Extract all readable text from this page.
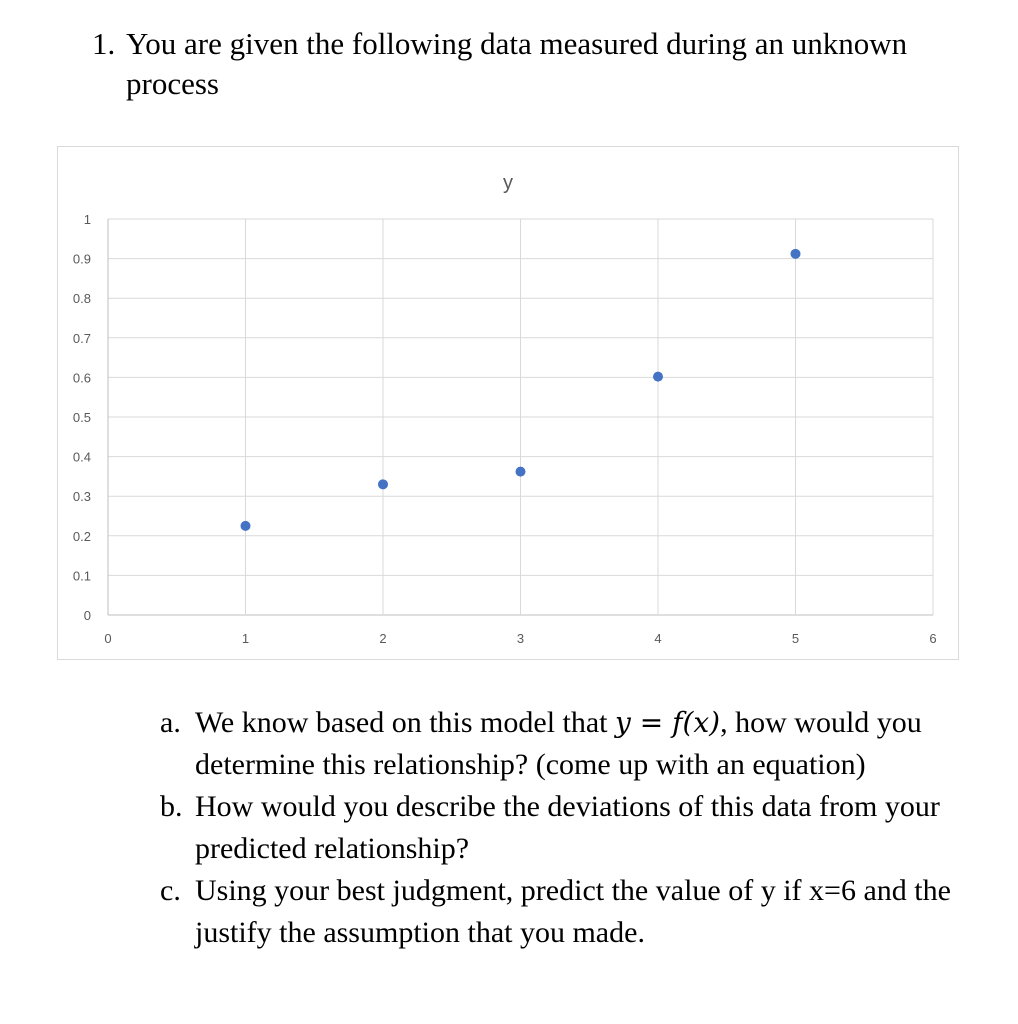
1. You are given the following data measured during an unknown process
y
0
0.1
0.2
0.3
0.4
0.5
0.6
0.7
0.8
0.9
1
0	1	2	3	4	5	6
a. We know based on this model that y = f(x), how would you determine this relationship? (come up with an equation)
b. How would you describe the deviations of this data from your predicted relationship?
c. Using your best judgment, predict the value of y if x=6 and the justify the assumption that you made.
